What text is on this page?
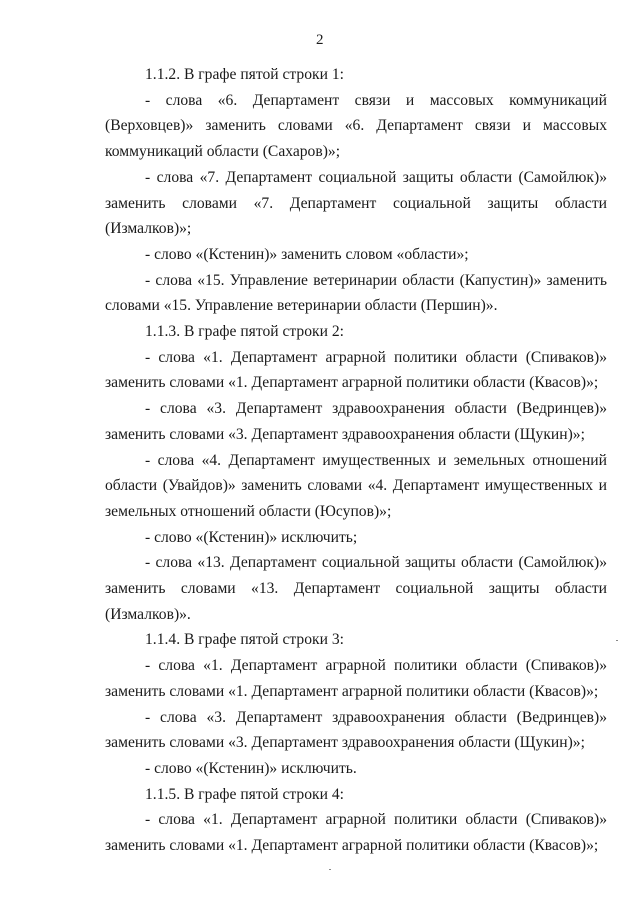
2

1.1.2. В графе пятой строки 1:

- слова «6. Департамент связи и массовых коммуникаций (Верховцев)» заменить словами «6. Департамент связи и массовых коммуникаций области (Сахаров)»;

- слова «7. Департамент социальной защиты области (Самойлюк)» заменить словами «7. Департамент социальной защиты области (Измалков)»;

- слово «(Кстенин)» заменить словом «области»;

- слова «15. Управление ветеринарии области (Капустин)» заменить словами «15. Управление ветеринарии области (Першин)».

1.1.3. В графе пятой строки 2:

- слова «1. Департамент аграрной политики области (Спиваков)» заменить словами «1. Департамент аграрной политики области (Квасов)»;

- слова «3. Департамент здравоохранения области (Ведринцев)» заменить словами «3. Департамент здравоохранения области (Щукин)»;

- слова «4. Департамент имущественных и земельных отношений области (Увайдов)» заменить словами «4. Департамент имущественных и земельных отношений области (Юсупов)»;

- слово «(Кстенин)» исключить;

- слова «13. Департамент социальной защиты области (Самойлюк)»

заменить словами «13. Департамент социальной защиты области

(Измалков)».

1.1.4. В графе пятой строки 3:

- слова «1. Департамент аграрной политики области (Спиваков)» заменить словами «1. Департамент аграрной политики области (Квасов)»;

- слова «3. Департамент здравоохранения области (Ведринцев)» заменить словами «3. Департамент здравоохранения области (Щукин)»;

- слово «(Кстенин)» исключить.

1.1.5. В графе пятой строки 4:

- слова «1. Департамент аграрной политики области (Спиваков)» заменить словами «1. Департамент аграрной политики области (Квасов)»;
